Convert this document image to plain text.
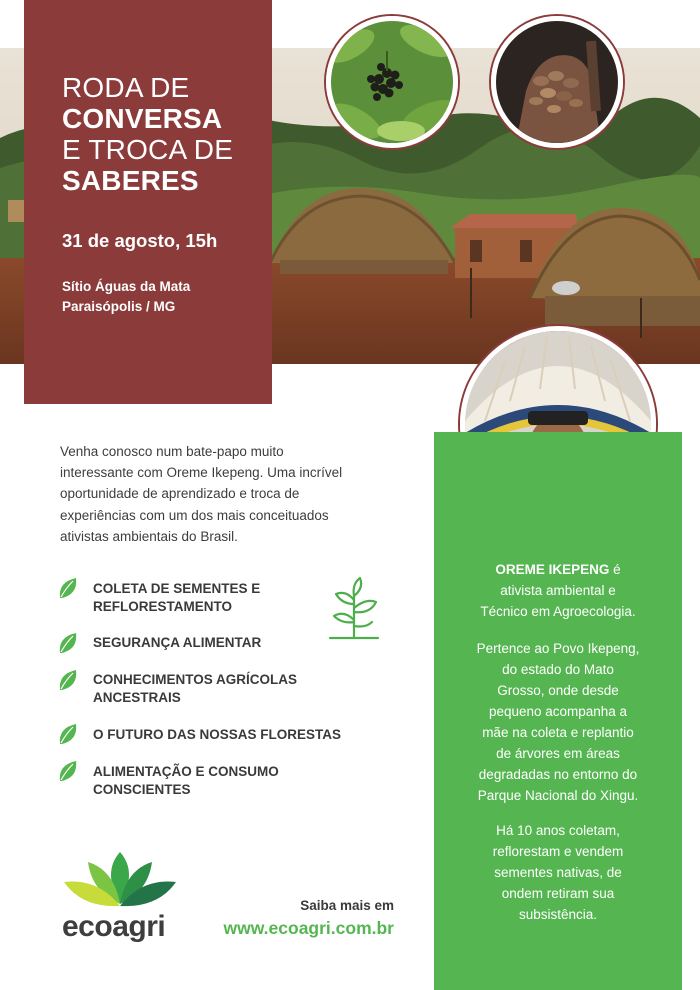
RODA DE
CONVERSA
E TROCA DE
SABERES
31 de agosto, 15h
Sítio Águas da Mata
Paraisópolis / MG
Venha conosco num bate-papo muito
interessante com Oreme Ikepeng. Uma incrível
oportunidade de aprendizado e troca de
experiências com um dos mais conceituados
ativistas ambientais do Brasil.
COLETA DE SEMENTES E
REFLORESTAMENTO
SEGURANÇA ALIMENTAR
CONHECIMENTOS AGRÍCOLAS
ANCESTRAIS
O FUTURO DAS NOSSAS FLORESTAS
ALIMENTAÇÃO E CONSUMO
CONSCIENTES
OREME IKEPENG é
ativista ambiental e
Técnico em Agroecologia.
Pertence ao Povo Ikepeng,
do estado do Mato
Grosso, onde desde
pequeno acompanha a
mãe na coleta e replantio
de árvores em áreas
degradadas no entorno do
Parque Nacional do Xingu.
Há 10 anos coletam,
reflorestam e vendem
sementes nativas, de
ondem retiram sua
subsistência.
ecoagri
Saiba mais em
www.ecoagri.com.br
